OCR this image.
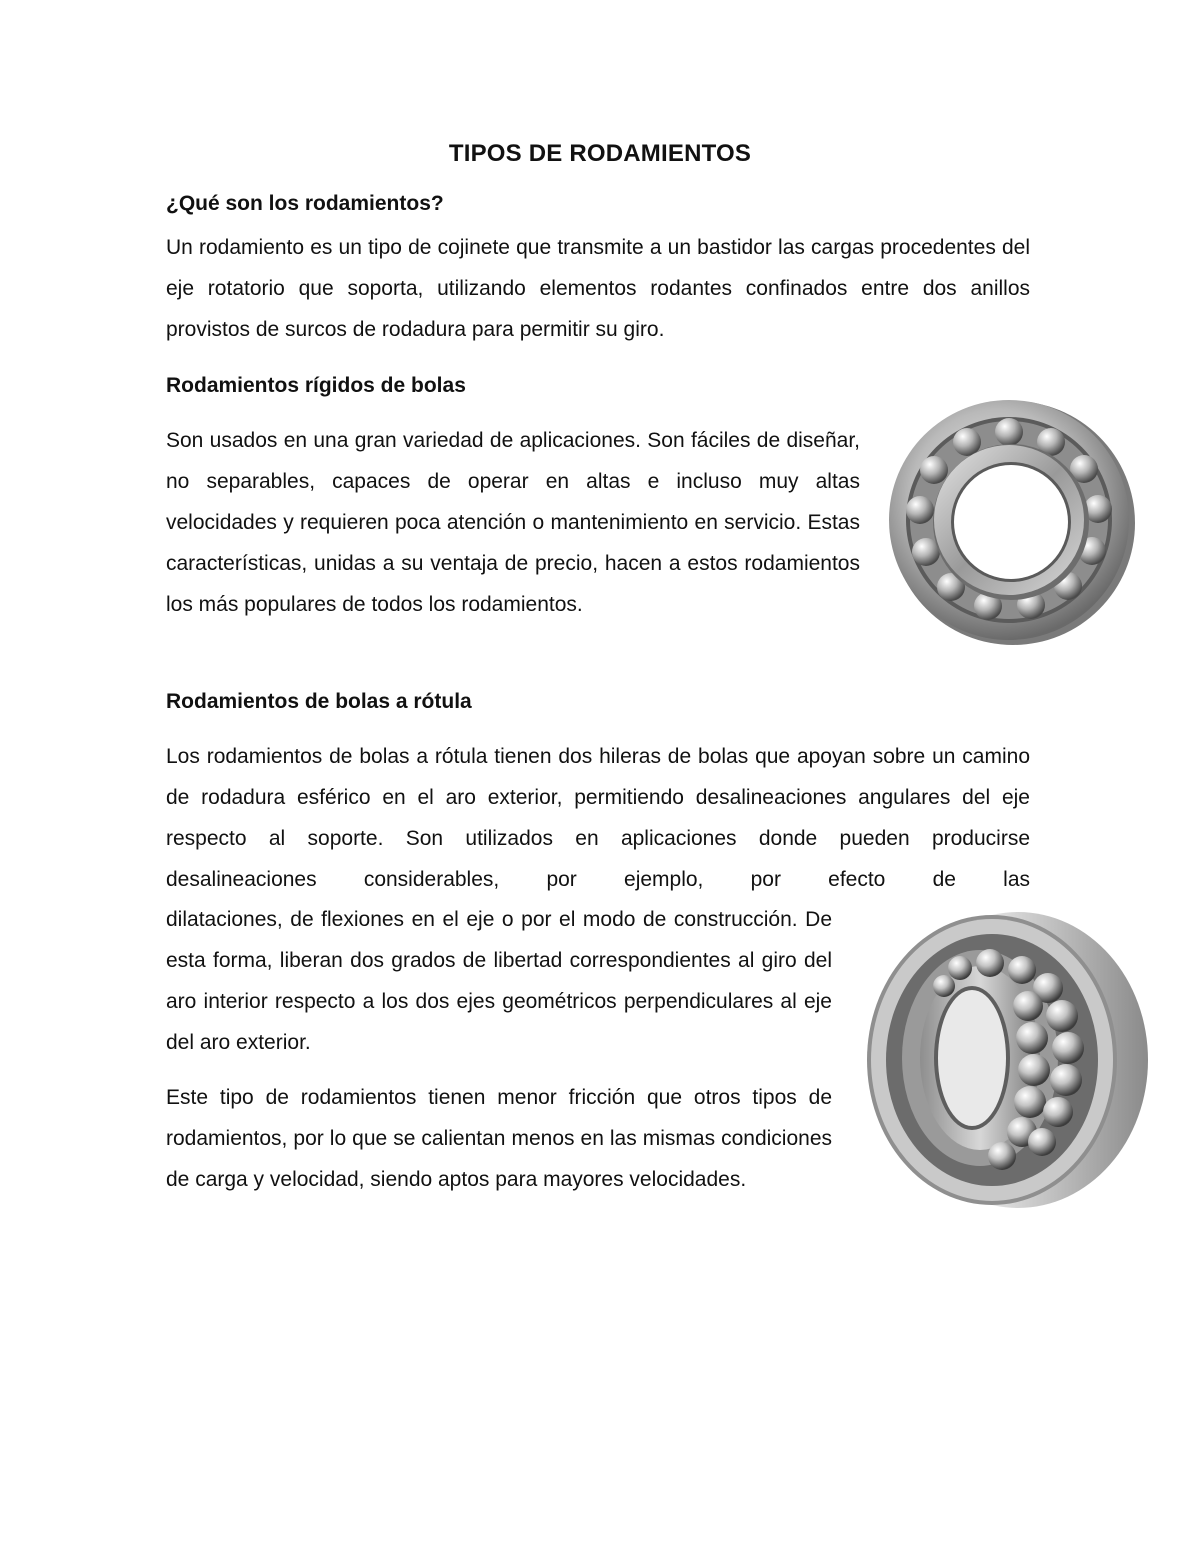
TIPOS DE RODAMIENTOS
¿Qué son los rodamientos?

Un rodamiento es un tipo de cojinete que transmite a un bastidor las cargas procedentes del eje rotatorio que soporta, utilizando elementos rodantes confinados entre dos anillos provistos de surcos de rodadura para permitir su giro.

Rodamientos rígidos de bolas

Son usados en una gran variedad de aplicaciones. Son fáciles de diseñar, no separables, capaces de operar en altas e incluso muy altas velocidades y requieren poca atención o mantenimiento en servicio. Estas características, unidas a su ventaja de precio, hacen a estos rodamientos los más populares de todos los rodamientos.

Rodamientos de bolas a rótula

Los rodamientos de bolas a rótula tienen dos hileras de bolas que apoyan sobre un camino de rodadura esférico en el aro exterior, permitiendo desalineaciones angulares del eje respecto al soporte. Son utilizados en aplicaciones donde pueden producirse desalineaciones considerables, por ejemplo, por efecto de las

dilataciones, de flexiones en el eje o por el modo de construcción. De esta forma, liberan dos grados de libertad correspondientes al giro del aro interior respecto a los dos ejes geométricos perpendiculares al eje del aro exterior.

Este tipo de rodamientos tienen menor fricción que otros tipos de rodamientos, por lo que se calientan menos en las mismas condiciones de carga y velocidad, siendo aptos para mayores velocidades.
